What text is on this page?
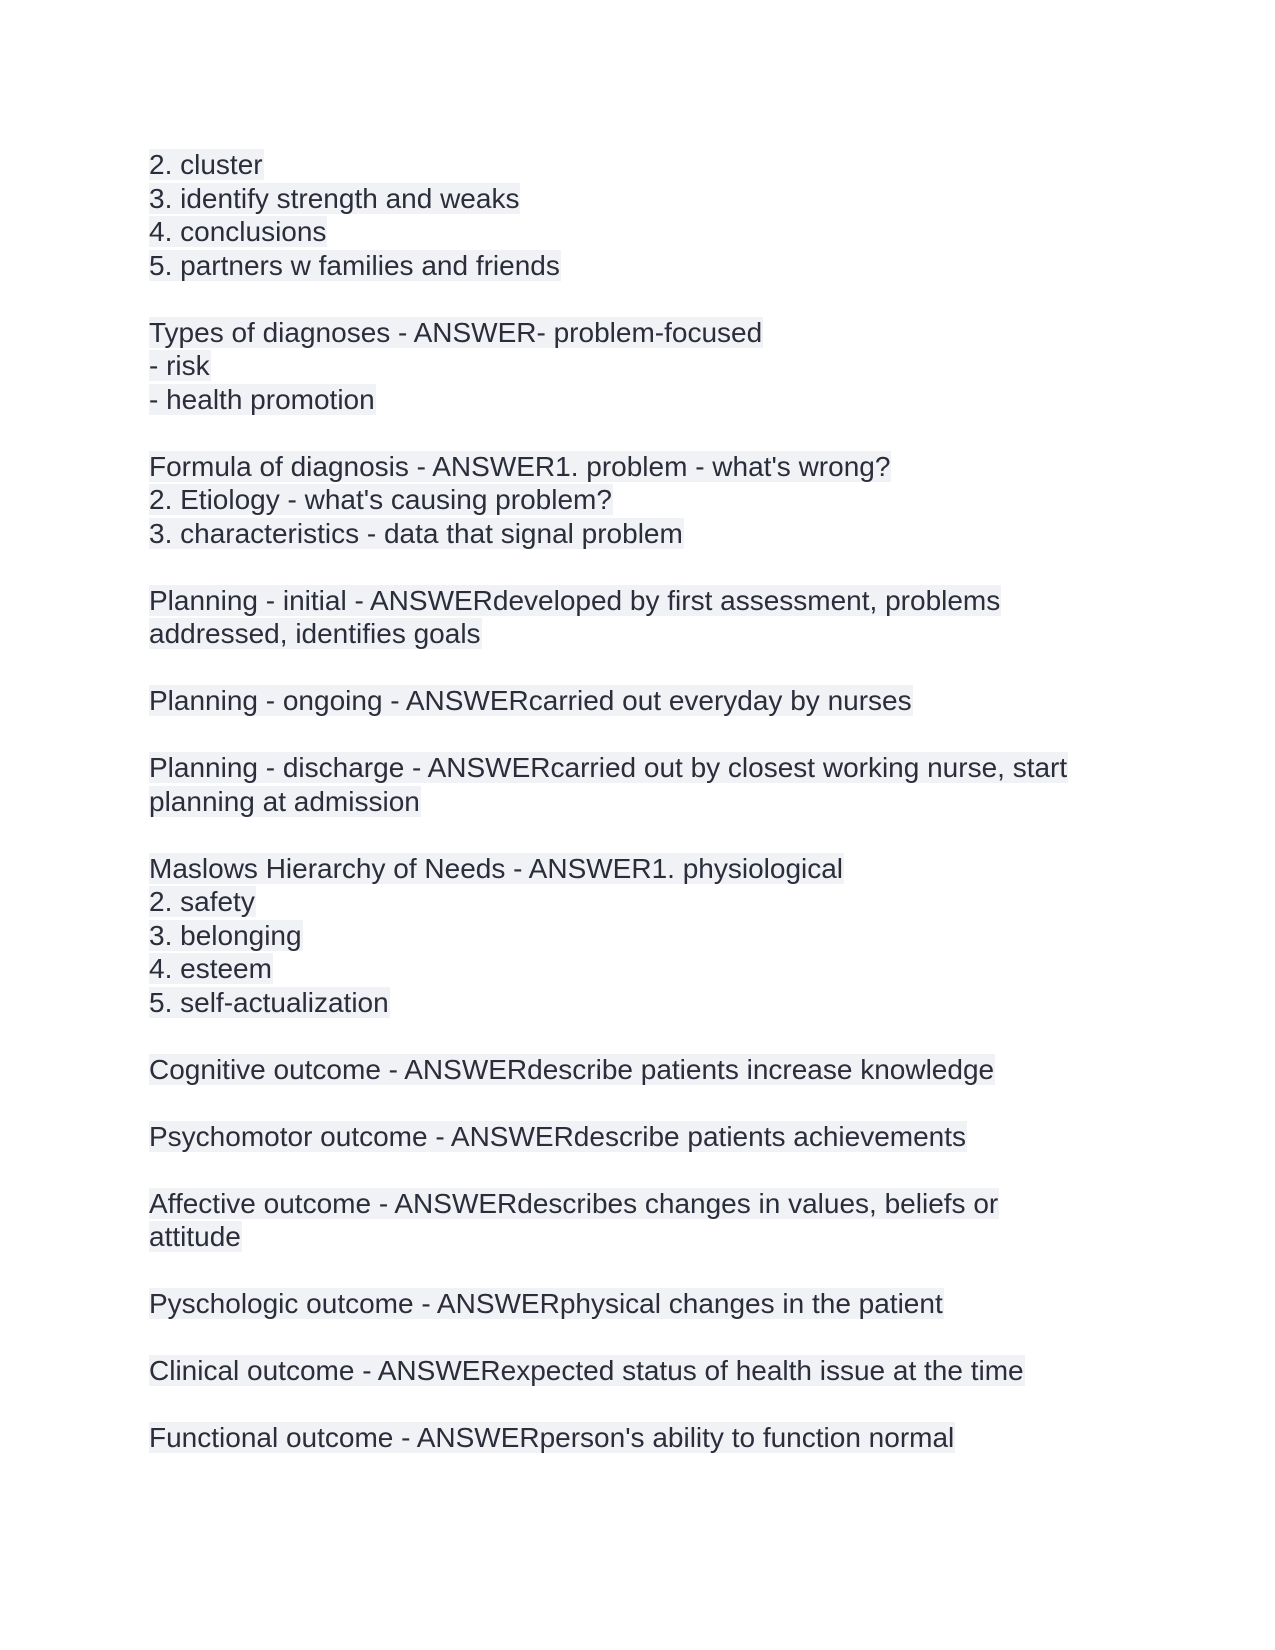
2. cluster
3. identify strength and weaks
4. conclusions
5. partners w families and friends
Types of diagnoses - ANSWER- problem-focused
- risk
- health promotion
Formula of diagnosis - ANSWER1. problem - what's wrong?
2. Etiology - what's causing problem?
3. characteristics - data that signal problem
Planning - initial - ANSWERdeveloped by first assessment, problems
addressed, identifies goals
Planning - ongoing - ANSWERcarried out everyday by nurses
Planning - discharge - ANSWERcarried out by closest working nurse, start
planning at admission
Maslows Hierarchy of Needs - ANSWER1. physiological
2. safety
3. belonging
4. esteem
5. self-actualization
Cognitive outcome - ANSWERdescribe patients increase knowledge
Psychomotor outcome - ANSWERdescribe patients achievements
Affective outcome - ANSWERdescribes changes in values, beliefs or
attitude
Pyschologic outcome - ANSWERphysical changes in the patient
Clinical outcome - ANSWERexpected status of health issue at the time
Functional outcome - ANSWERperson's ability to function normal
